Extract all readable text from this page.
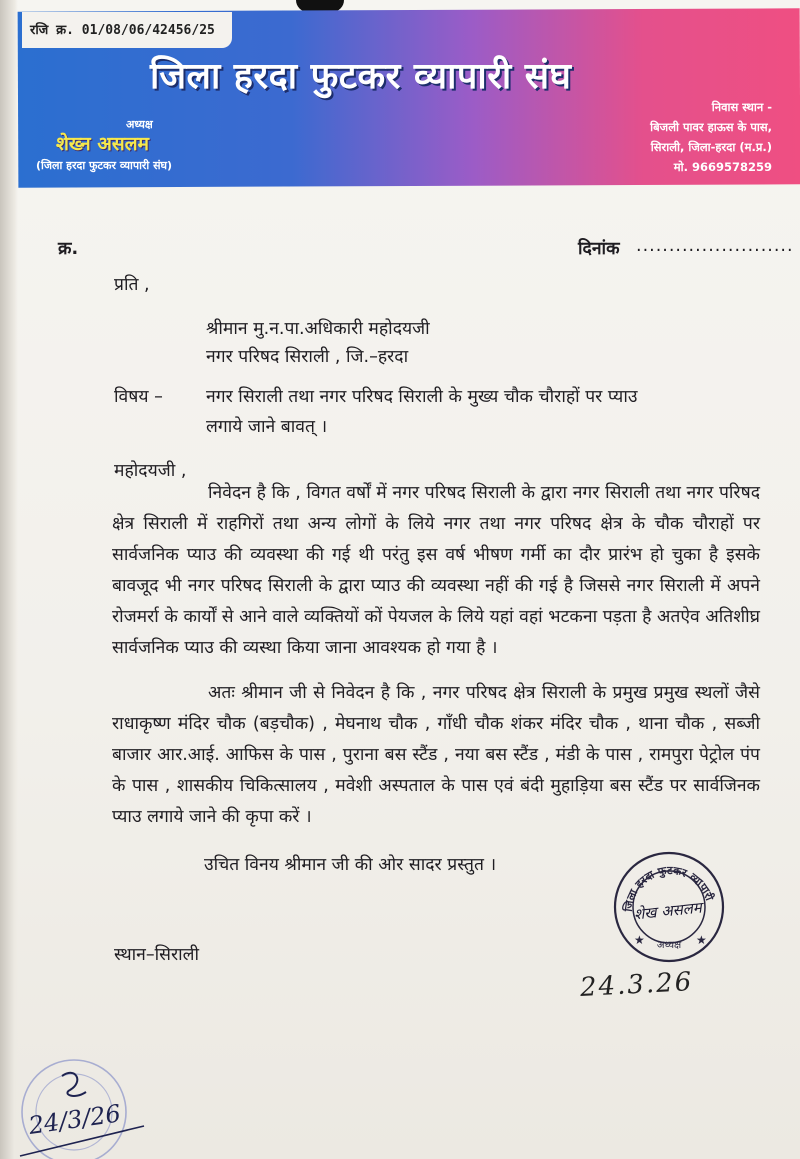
रजि क्र. 01/08/06/42456/25
जिला हरदा फुटकर व्यापारी संघ
अध्यक्ष
शेख्न असलम
(जिला हरदा फुटकर व्यापारी संघ)
निवास स्थान -
बिजली पावर हाऊस के पास,
सिराली, जिला-हरदा (म.प्र.)
मो. 9669578259
क्र.	दिनांक ........................
प्रति ,
श्रीमान मु.न.पा.अधिकारी महोदयजी
नगर परिषद सिराली , जि.–हरदा
विषय – नगर सिराली तथा नगर परिषद सिराली के मुख्य चौक चौराहों पर प्याउ
लगाये जाने बावत् ।
महोदयजी ,
निवेदन है कि , विगत वर्षों में नगर परिषद सिराली के द्वारा नगर सिराली तथा नगर परिषद क्षेत्र सिराली में राहगिरों तथा अन्य लोगों के लिये नगर तथा नगर परिषद क्षेत्र के चौक चौराहों पर सार्वजनिक प्याउ की व्यवस्था की गई थी परंतु इस वर्ष भीषण गर्मी का दौर प्रारंभ हो चुका है इसके बावजूद भी नगर परिषद सिराली के द्वारा प्याउ की व्यवस्था नहीं की गई है जिससे नगर सिराली में अपने रोजमर्रा के कार्यों से आने वाले व्यक्तियों कों पेयजल के लिये यहां वहां भटकना पड़ता है अतऐव अतिशीघ्र सार्वजनिक प्याउ की व्यस्था किया जाना आवश्यक हो गया है ।
अतः श्रीमान जी से निवेदन है कि , नगर परिषद क्षेत्र सिराली के प्रमुख प्रमुख स्थलों जैसे राधाकृष्ण मंदिर चौक (बड़चौक) , मेघनाथ चौक , गाँधी चौक शंकर मंदिर चौक , थाना चौक , सब्जी बाजार आर.आई. आफिस के पास , पुराना बस स्टैंड , नया बस स्टैंड , मंडी के पास , रामपुरा पेट्रोल पंप के पास , शासकीय चिकित्सालय , मवेशी अस्पताल के पास एवं बंदी मुहाड़िया बस स्टैंड पर सार्वजिनक प्याउ लगाये जाने की कृपा करें ।
उचित विनय श्रीमान जी की ओर सादर प्रस्तुत ।
स्थान–सिराली
जिला हरदा फुटकर व्यापारी
अध्यक्ष
★	★
शेख असलम
24.3.26
24/3/26
